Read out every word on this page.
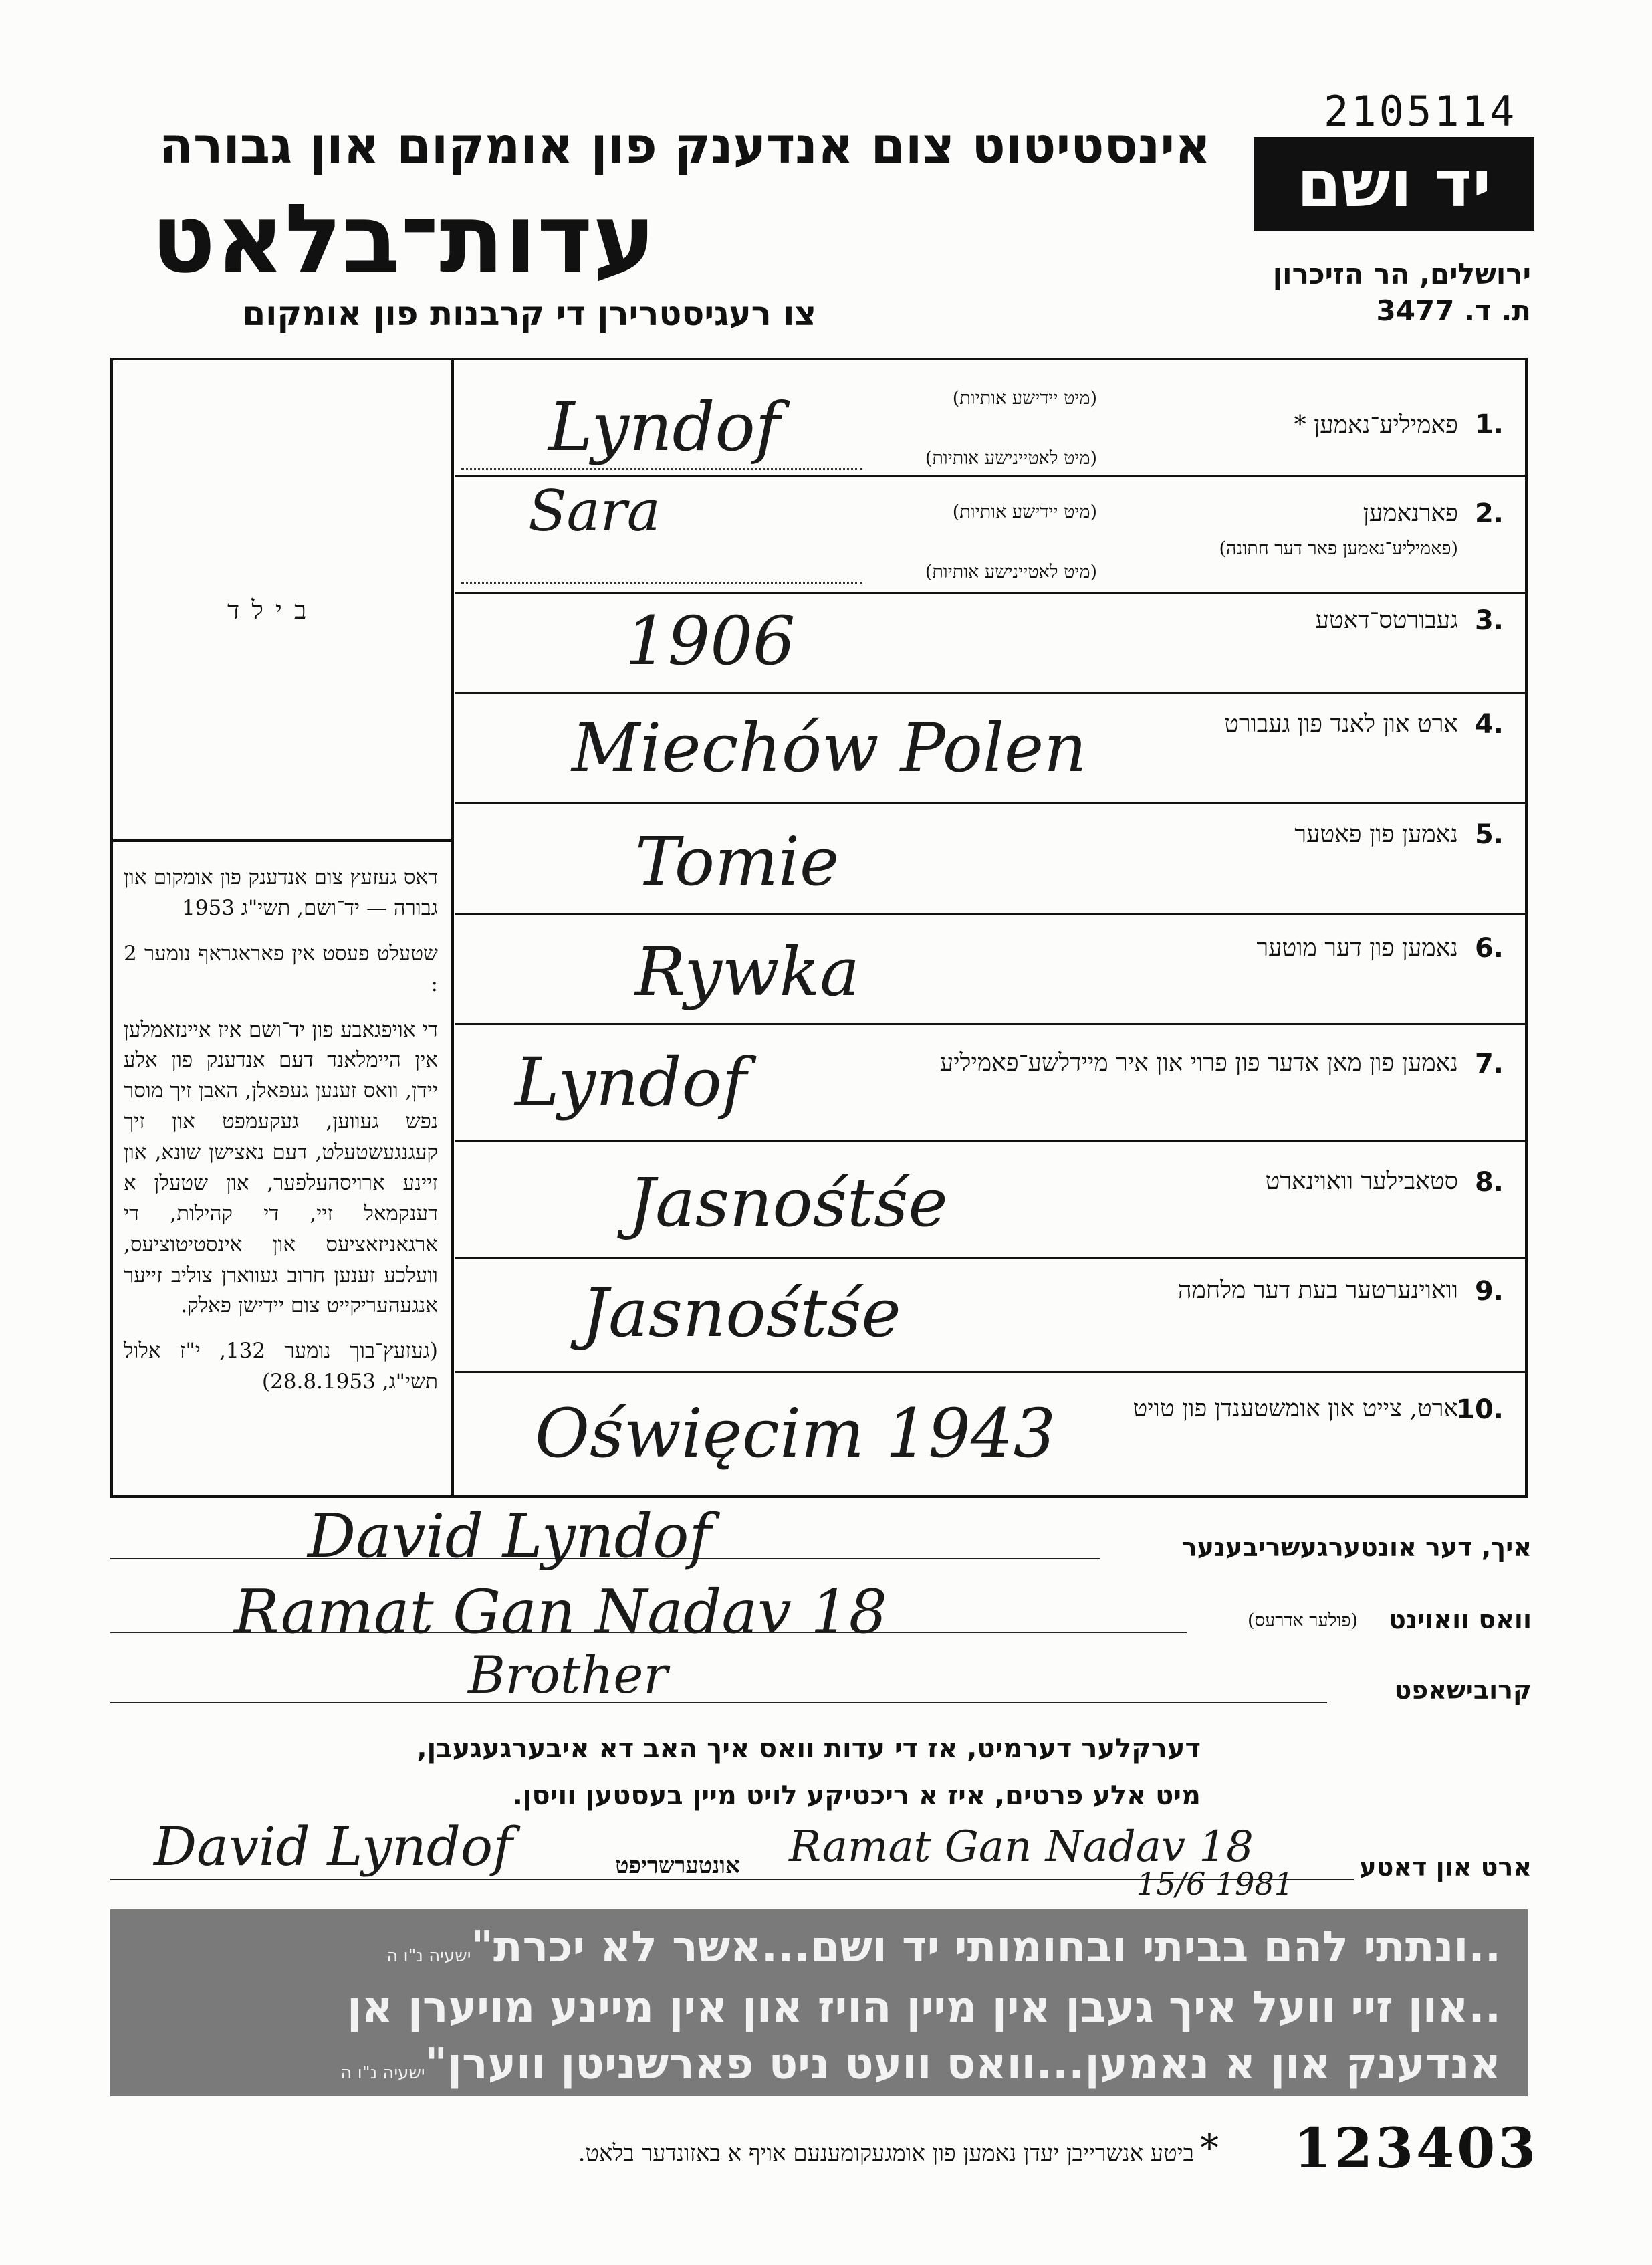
2105114
אינסטיטוט צום אנדענק פון אומקום און גבורה
עדות־בלאט
צו רעגיסטרירן די קרבנות פון אומקום
יד ושם
ירושלים, הר הזיכרון
ת. ד. 3477
בילד

דאס געזעץ צום אנדענק פון אומקום און גבורה — יד־ושם, תשי"ג 1953

שטעלט פעסט אין פאראגראף נומער 2 :

די אויפגאבע פון יד־ושם איז איינזאמלען אין היימלאנד דעם אנדענק פון אלע יידן, וואס זענען געפאלן, האבן זיך מוסר נפש געווען, געקעמפט און זיך קעגנגעשטעלט, דעם נאצישן שונא, און זיינע ארויסהעלפער, און שטעלן א דענקמאל זיי, די קהילות, די ארגאניזאציעס און אינסטיטוציעס, וועלכע זענען חרוב געווארן צוליב זייער אנגעהעריקייט צום יידישן פאלק.

(געזעץ־בוך נומער 132, י"ז אלול תשי"ג, 28.8.1953)

1.
פאמיליע־נאמען *
(מיט יידישע אותיות)
(מיט לאטיינישע אותיות)
Lyndof
2.
פארנאמען
(פאמיליע־נאמען פאר דער חתונה)
(מיט יידישע אותיות)
(מיט לאטיינישע אותיות)
Sara
3.
געבורטס־דאטע
1906
4.
ארט און לאנד פון געבורט
Miechów Polen
5.
נאמען פון פאטער
Tomie
6.
נאמען פון דער מוטער
Rywka
7.
נאמען פון מאן אדער פון פרוי און איר מיידלשע־פאמיליע
Lyndof
8.
סטאבילער וואוינארט
Jasnośtśe
9.
וואוינערטער בעת דער מלחמה
Jasnośtśe
10.
ארט, צייט און אומשטענדן פון טויט
Oświęcim 1943
איך, דער אונטערגעשריבענער
David Lyndof
וואס וואוינט
(פולער אדרעס)
Ramat Gan Nadav 18
קרובישאפט
Brother
דערקלער דערמיט, אז די עדות וואס איך האב דא איבערגעגעבן,
מיט אלע פרטים, איז א ריכטיקע לויט מיין בעסטען וויסן.
ארט און דאטע
אונטערשריפט
David Lyndof	Ramat Gan Nadav 18
15/6 1981
..ונתתי להם בביתי ובחומותי יד ושם...אשר לא יכרת"ישעיה נ"ו ה
..און זיי וועל איך געבן אין מיין הויז און אין מיינע מויערן אן
אנדענק און א נאמען...וואס וועט ניט פארשניטן ווערן"ישעיה נ"ו ה
ביטע אנשרייבן יעדן נאמען פון אומגעקומענעם אויף א באזונדער בלאט. * 123403
